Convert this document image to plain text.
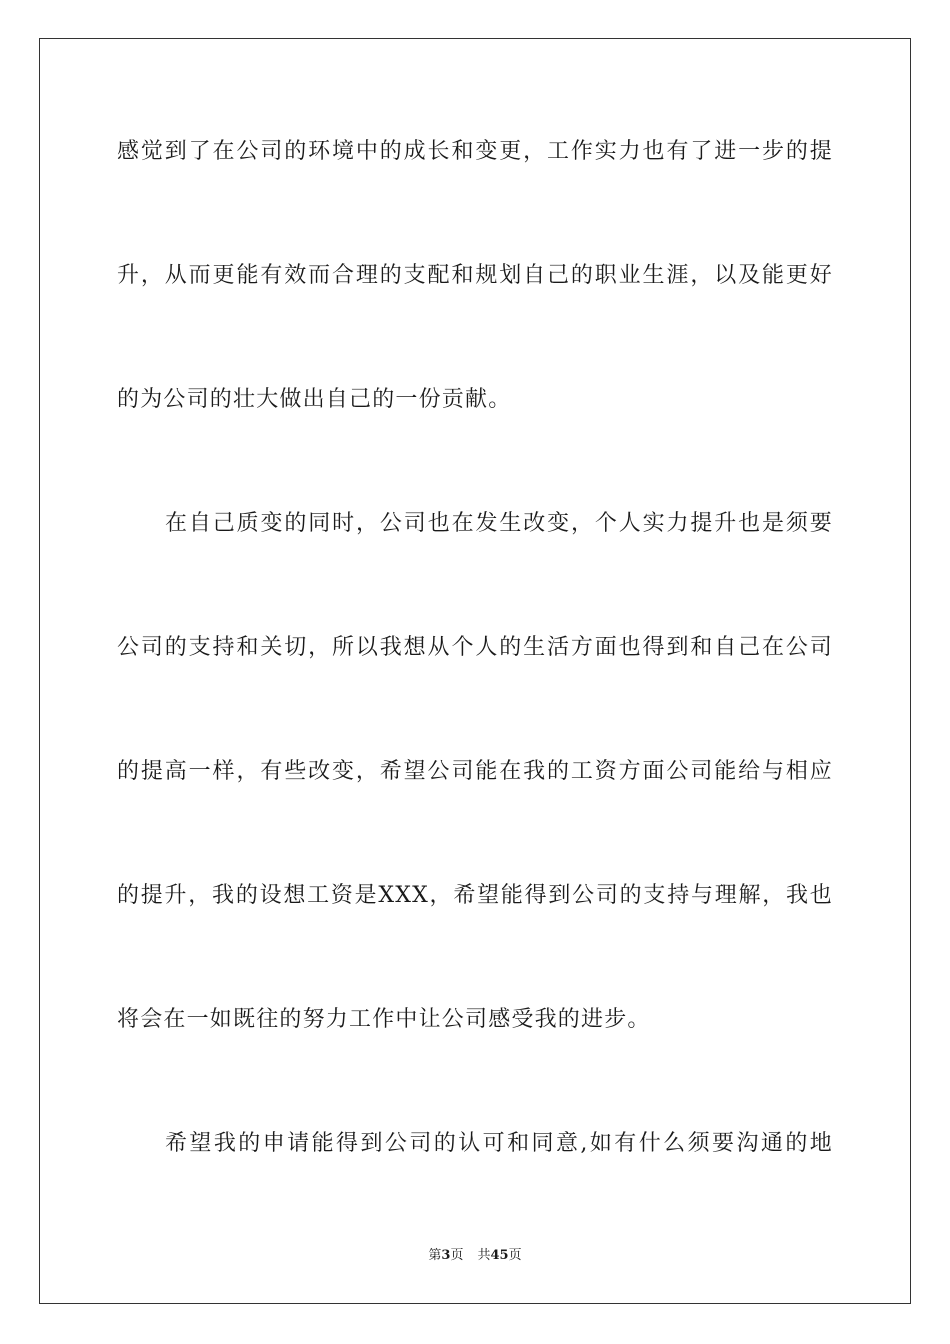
感觉到了在公司的环境中的成长和变更，工作实力也有了进一步的提
升，从而更能有效而合理的支配和规划自己的职业生涯，以及能更好
的为公司的壮大做出自己的一份贡献。
在自己质变的同时，公司也在发生改变，个人实力提升也是须要
公司的支持和关切，所以我想从个人的生活方面也得到和自己在公司
的提高一样，有些改变，希望公司能在我的工资方面公司能给与相应
的提升，我的设想工资是XXX，希望能得到公司的支持与理解，我也
将会在一如既往的努力工作中让公司感受我的进步。
希望我的申请能得到公司的认可和同意,如有什么须要沟通的地
第3页 共45页
